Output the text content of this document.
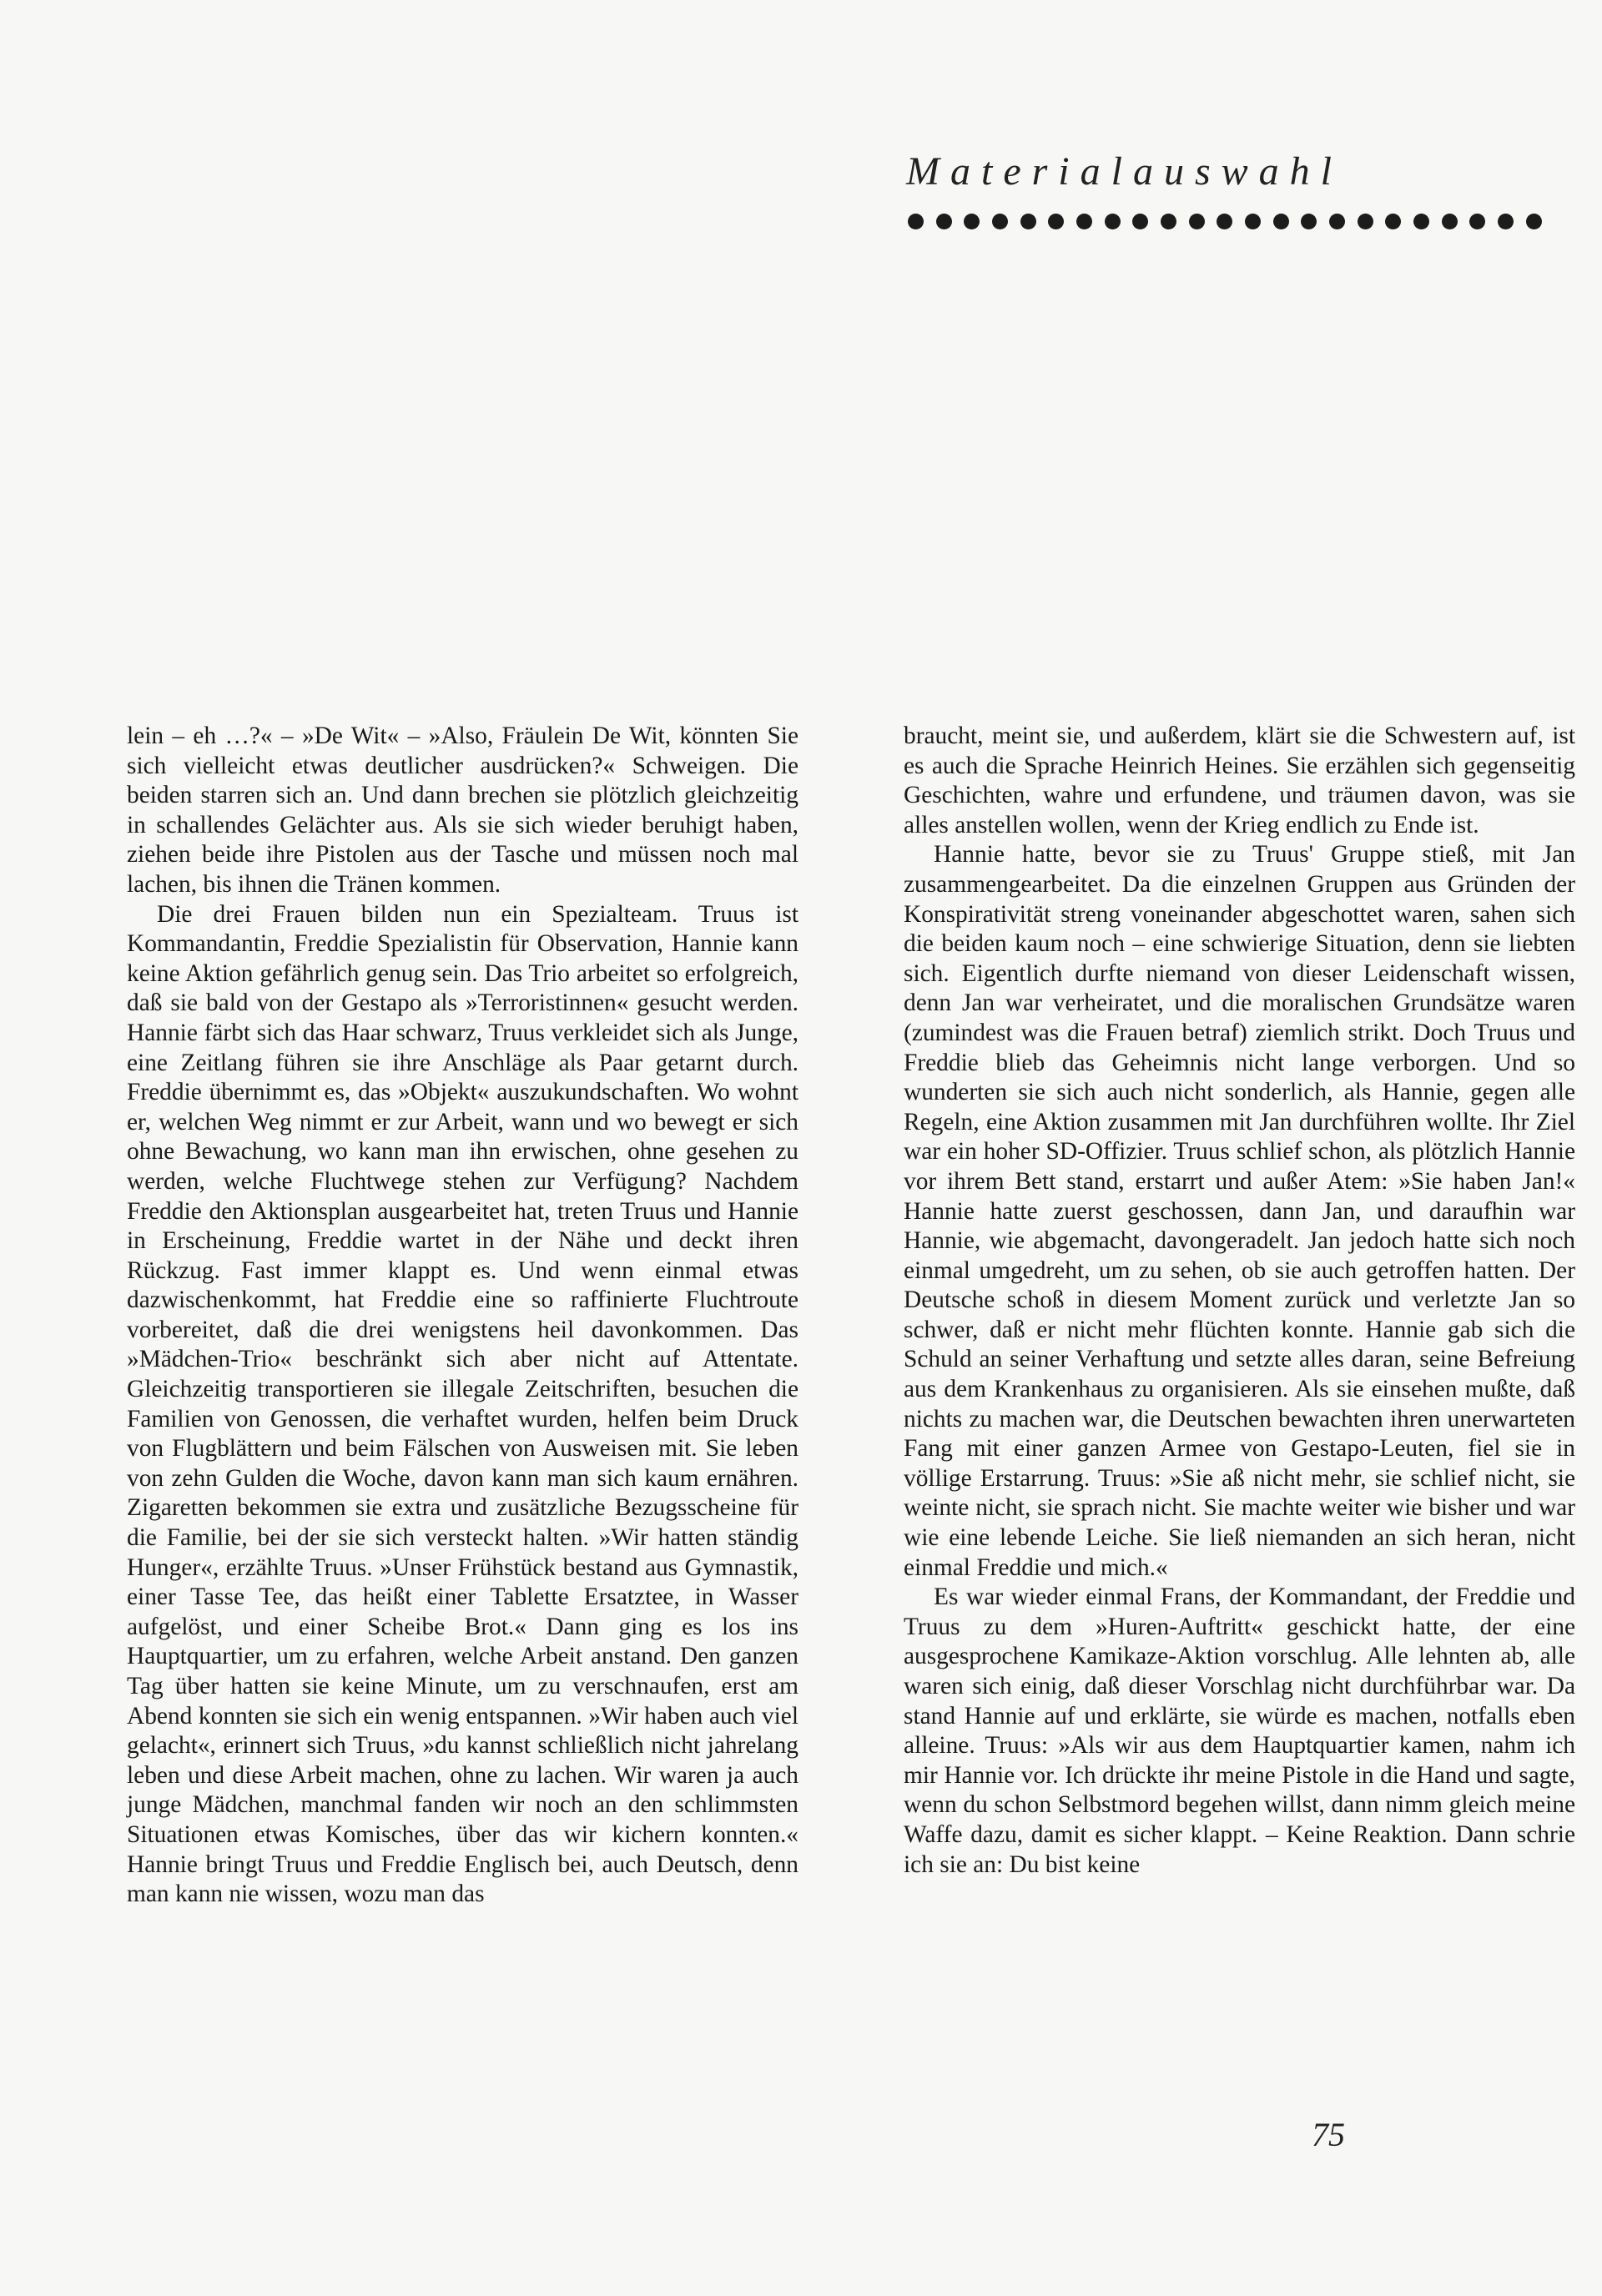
Materialauswahl

lein – eh …?« – »De Wit« – »Also, Fräulein De Wit, könnten Sie sich vielleicht etwas deutlicher ausdrücken?« Schweigen. Die beiden starren sich an. Und dann brechen sie plötzlich gleichzeitig in schallendes Gelächter aus. Als sie sich wieder beruhigt haben, ziehen beide ihre Pistolen aus der Tasche und müssen noch mal lachen, bis ihnen die Tränen kommen.

Die drei Frauen bilden nun ein Spezialteam. Truus ist Kommandantin, Freddie Spezialistin für Observation, Hannie kann keine Aktion gefährlich genug sein. Das Trio arbeitet so erfolgreich, daß sie bald von der Gestapo als »Terroristinnen« gesucht werden. Hannie färbt sich das Haar schwarz, Truus verkleidet sich als Junge, eine Zeitlang führen sie ihre Anschläge als Paar getarnt durch. Freddie übernimmt es, das »Objekt« auszukundschaften. Wo wohnt er, welchen Weg nimmt er zur Arbeit, wann und wo bewegt er sich ohne Bewachung, wo kann man ihn erwischen, ohne gesehen zu werden, welche Fluchtwege stehen zur Verfügung? Nachdem Freddie den Aktionsplan ausgearbeitet hat, treten Truus und Hannie in Erscheinung, Freddie wartet in der Nähe und deckt ihren Rückzug. Fast immer klappt es. Und wenn einmal etwas dazwischenkommt, hat Freddie eine so raffinierte Fluchtroute vorbereitet, daß die drei wenigstens heil davonkommen. Das »Mädchen-Trio« beschränkt sich aber nicht auf Attentate. Gleichzeitig transportieren sie illegale Zeitschriften, besuchen die Familien von Genossen, die verhaftet wurden, helfen beim Druck von Flugblättern und beim Fälschen von Ausweisen mit. Sie leben von zehn Gulden die Woche, davon kann man sich kaum ernähren. Zigaretten bekommen sie extra und zusätzliche Bezugsscheine für die Familie, bei der sie sich versteckt halten. »Wir hatten ständig Hunger«, erzählte Truus. »Unser Frühstück bestand aus Gymnastik, einer Tasse Tee, das heißt einer Tablette Ersatztee, in Wasser aufgelöst, und einer Scheibe Brot.« Dann ging es los ins Hauptquartier, um zu erfahren, welche Arbeit anstand. Den ganzen Tag über hatten sie keine Minute, um zu verschnaufen, erst am Abend konnten sie sich ein wenig entspannen. »Wir haben auch viel gelacht«, erinnert sich Truus, »du kannst schließlich nicht jahrelang leben und diese Arbeit machen, ohne zu lachen. Wir waren ja auch junge Mädchen, manchmal fanden wir noch an den schlimmsten Situationen etwas Komisches, über das wir kichern konnten.« Hannie bringt Truus und Freddie Englisch bei, auch Deutsch, denn man kann nie wissen, wozu man das

braucht, meint sie, und außerdem, klärt sie die Schwestern auf, ist es auch die Sprache Heinrich Heines. Sie erzählen sich gegenseitig Geschichten, wahre und erfundene, und träumen davon, was sie alles anstellen wollen, wenn der Krieg endlich zu Ende ist.

Hannie hatte, bevor sie zu Truus' Gruppe stieß, mit Jan zusammengearbeitet. Da die einzelnen Gruppen aus Gründen der Konspirativität streng voneinander abgeschottet waren, sahen sich die beiden kaum noch – eine schwierige Situation, denn sie liebten sich. Eigentlich durfte niemand von dieser Leidenschaft wissen, denn Jan war verheiratet, und die moralischen Grundsätze waren (zumindest was die Frauen betraf) ziemlich strikt. Doch Truus und Freddie blieb das Geheimnis nicht lange verborgen. Und so wunderten sie sich auch nicht sonderlich, als Hannie, gegen alle Regeln, eine Aktion zusammen mit Jan durchführen wollte. Ihr Ziel war ein hoher SD-Offizier. Truus schlief schon, als plötzlich Hannie vor ihrem Bett stand, erstarrt und außer Atem: »Sie haben Jan!« Hannie hatte zuerst geschossen, dann Jan, und daraufhin war Hannie, wie abgemacht, davongeradelt. Jan jedoch hatte sich noch einmal umgedreht, um zu sehen, ob sie auch getroffen hatten. Der Deutsche schoß in diesem Moment zurück und verletzte Jan so schwer, daß er nicht mehr flüchten konnte. Hannie gab sich die Schuld an seiner Verhaftung und setzte alles daran, seine Befreiung aus dem Krankenhaus zu organisieren. Als sie einsehen mußte, daß nichts zu machen war, die Deutschen bewachten ihren unerwarteten Fang mit einer ganzen Armee von Gestapo-Leuten, fiel sie in völlige Erstarrung. Truus: »Sie aß nicht mehr, sie schlief nicht, sie weinte nicht, sie sprach nicht. Sie machte weiter wie bisher und war wie eine lebende Leiche. Sie ließ niemanden an sich heran, nicht einmal Freddie und mich.«

Es war wieder einmal Frans, der Kommandant, der Freddie und Truus zu dem »Huren-Auftritt« geschickt hatte, der eine ausgesprochene Kamikaze-Aktion vorschlug. Alle lehnten ab, alle waren sich einig, daß dieser Vorschlag nicht durchführbar war. Da stand Hannie auf und erklärte, sie würde es machen, notfalls eben alleine. Truus: »Als wir aus dem Hauptquartier kamen, nahm ich mir Hannie vor. Ich drückte ihr meine Pistole in die Hand und sagte, wenn du schon Selbstmord begehen willst, dann nimm gleich meine Waffe dazu, damit es sicher klappt. – Keine Reaktion. Dann schrie ich sie an: Du bist keine

75
